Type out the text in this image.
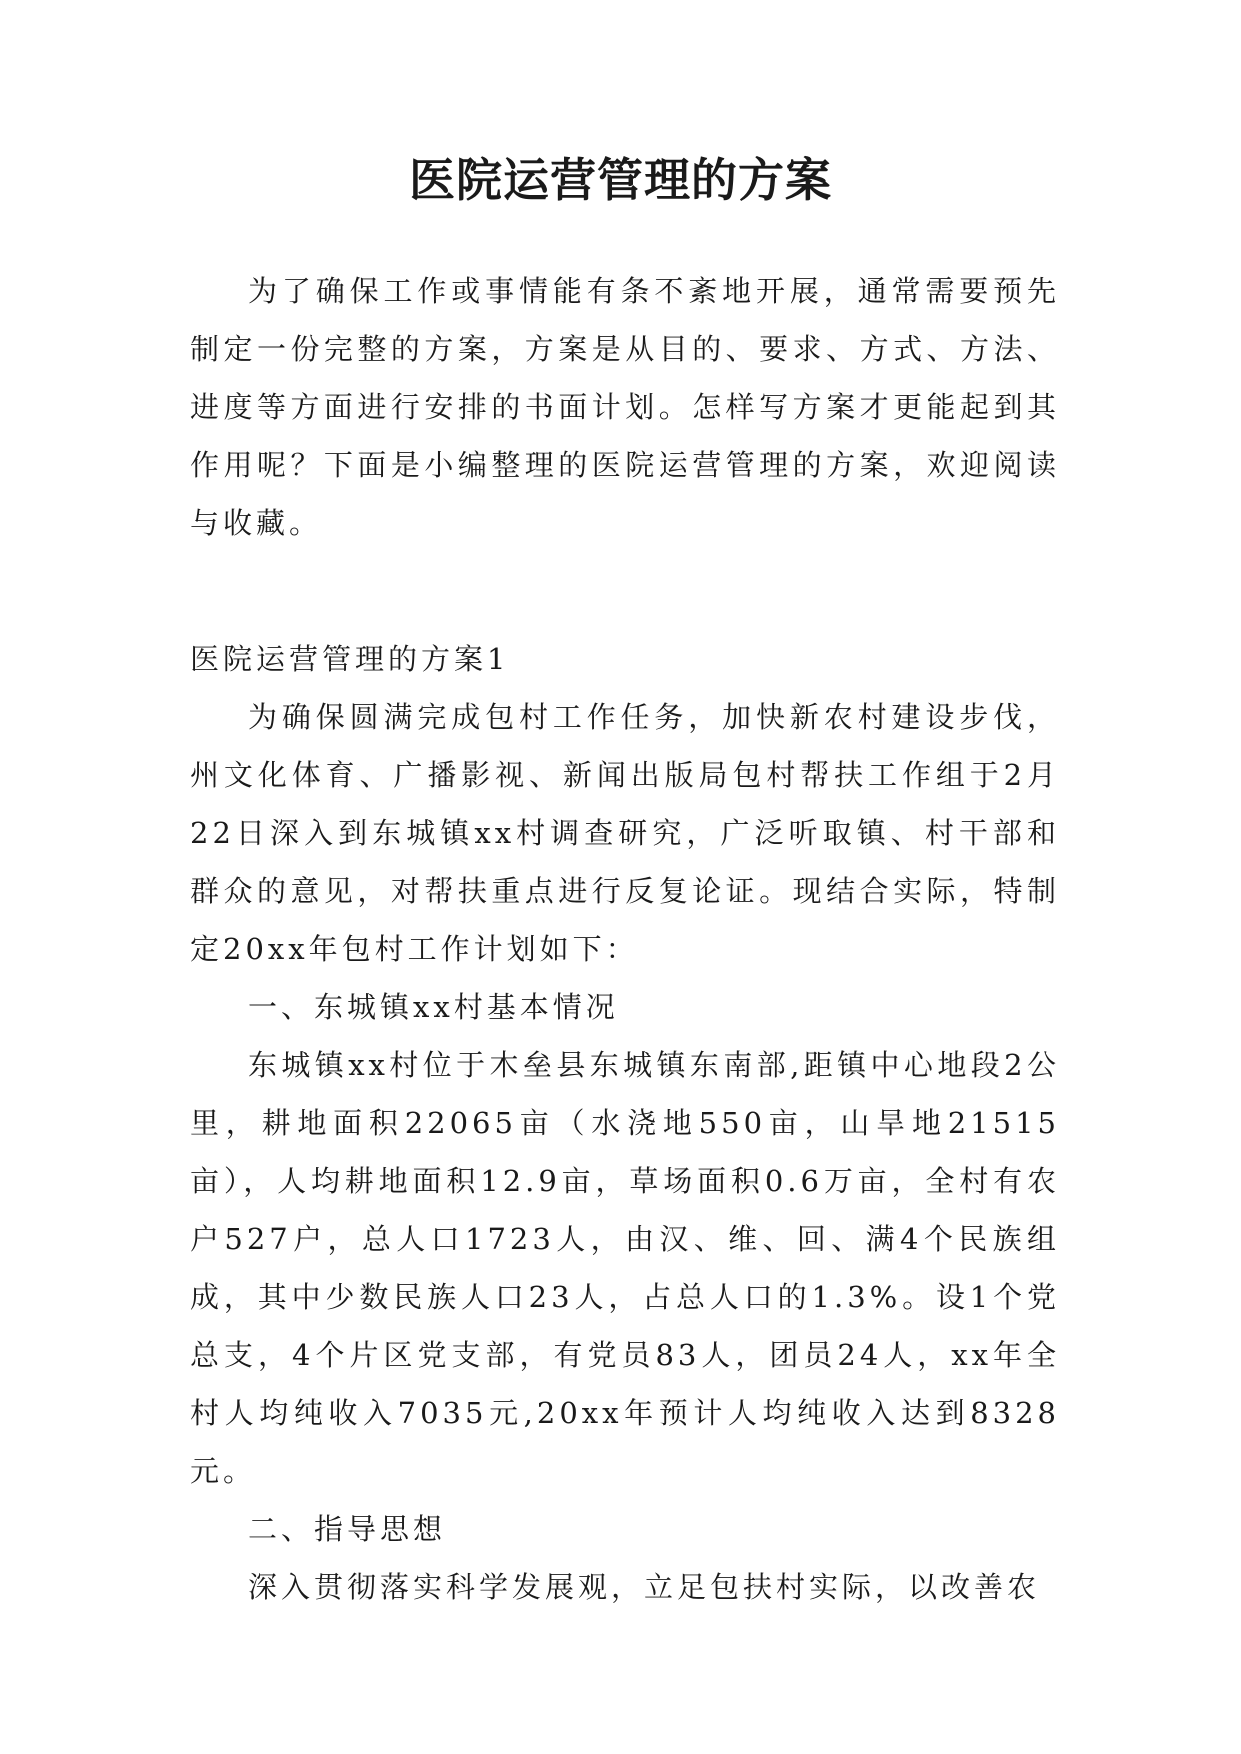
医院运营管理的方案

为了确保工作或事情能有条不紊地开展，通常需要预先制定一份完整的方案，方案是从目的、要求、方式、方法、进度等方面进行安排的书面计划。怎样写方案才更能起到其作用呢？下面是小编整理的医院运营管理的方案，欢迎阅读与收藏。

医院运营管理的方案1

为确保圆满完成包村工作任务，加快新农村建设步伐，州文化体育、广播影视、新闻出版局包村帮扶工作组于2月22日深入到东城镇xx村调查研究，广泛听取镇、村干部和群众的意见，对帮扶重点进行反复论证。现结合实际，特制定20xx年包村工作计划如下：

一、东城镇xx村基本情况

东城镇xx村位于木垒县东城镇东南部,距镇中心地段2公里，耕地面积22065亩（水浇地550亩，山旱地21515亩），人均耕地面积12.9亩，草场面积0.6万亩，全村有农户527户，总人口1723人，由汉、维、回、满4个民族组成，其中少数民族人口23人，占总人口的1.3%。设1个党总支，4个片区党支部，有党员83人，团员24人，xx年全村人均纯收入7035元,20xx年预计人均纯收入达到8328元。

二、指导思想

深入贯彻落实科学发展观，立足包扶村实际，以改善农
